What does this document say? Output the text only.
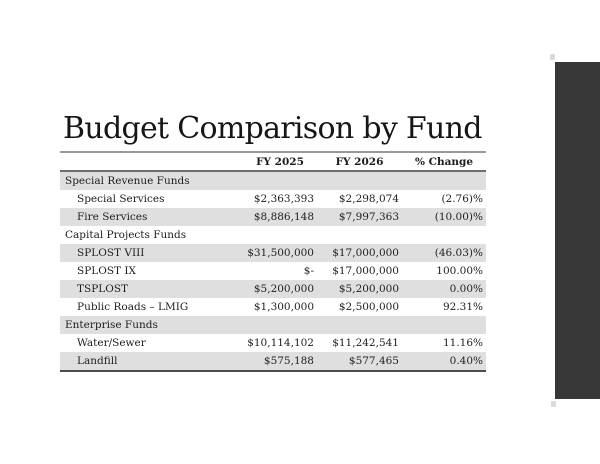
Budget Comparison by Fund
	FY 2025	FY 2026	% Change
Special Revenue Funds			
Special Services	$2,363,393	$2,298,074	(2.76)%
Fire Services	$8,886,148	$7,997,363	(10.00)%
Capital Projects Funds			
SPLOST VIII	$31,500,000	$17,000,000	(46.03)%
SPLOST IX	$-	$17,000,000	100.00%
TSPLOST	$5,200,000	$5,200,000	0.00%
Public Roads – LMIG	$1,300,000	$2,500,000	92.31%
Enterprise Funds			
Water/Sewer	$10,114,102	$11,242,541	11.16%
Landfill	$575,188	$577,465	0.40%
